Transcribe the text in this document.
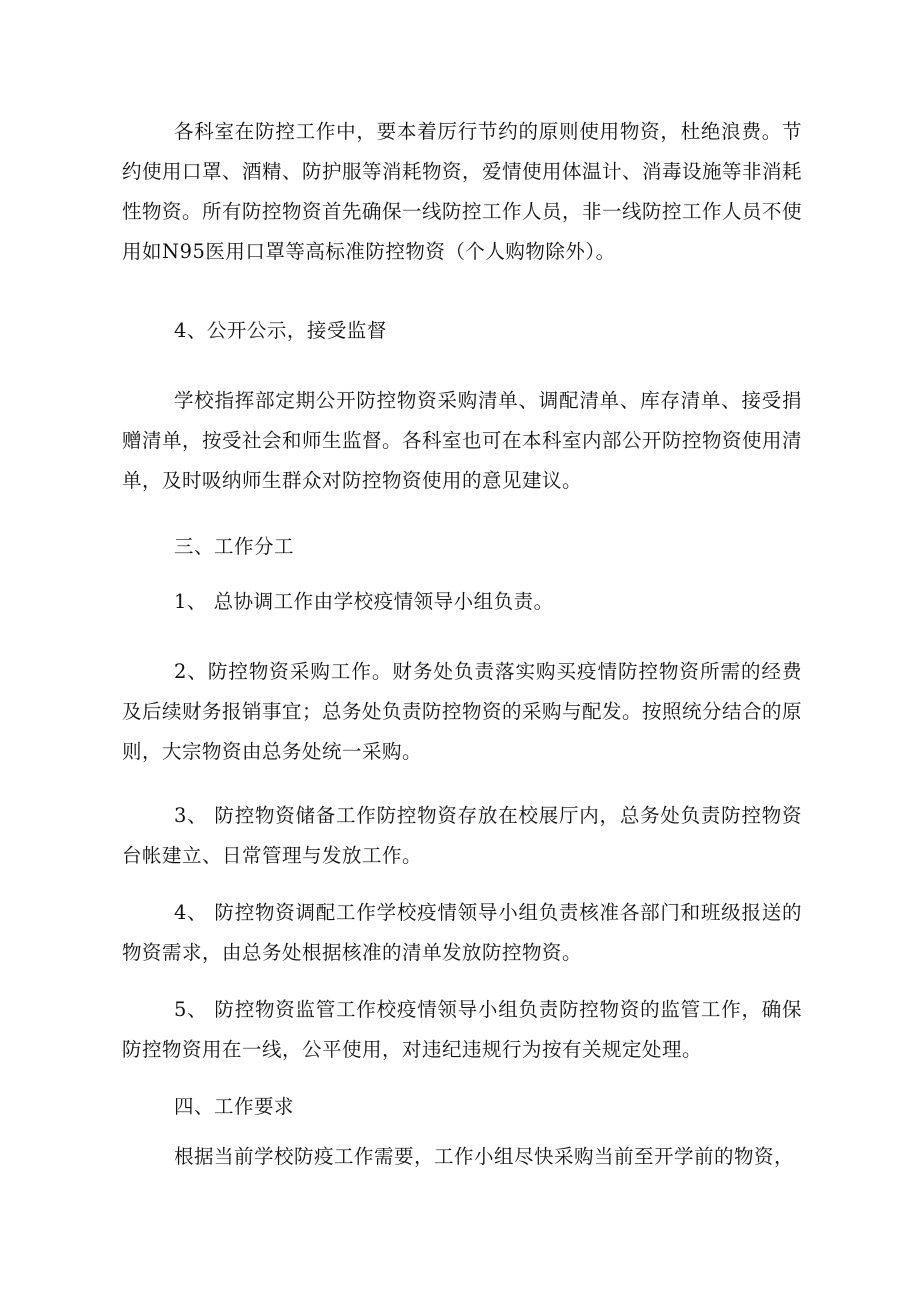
各科室在防控工作中，要本着厉行节约的原则使用物资，杜绝浪费。节约使用口罩、酒精、防护服等消耗物资，爱情使用体温计、消毒设施等非消耗性物资。所有防控物资首先确保一线防控工作人员，非一线防控工作人员不使用如N95医用口罩等高标准防控物资（个人购物除外）。

4、公开公示，接受监督

学校指挥部定期公开防控物资采购清单、调配清单、库存清单、接受捐赠清单，按受社会和师生监督。各科室也可在本科室内部公开防控物资使用清单，及时吸纳师生群众对防控物资使用的意见建议。

三、工作分工

1、 总协调工作由学校疫情领导小组负责。

2、防控物资采购工作。财务处负责落实购买疫情防控物资所需的经费及后续财务报销事宜；总务处负责防控物资的采购与配发。按照统分结合的原则，大宗物资由总务处统一采购。

3、 防控物资储备工作防控物资存放在校展厅内，总务处负责防控物资台帐建立、日常管理与发放工作。

4、 防控物资调配工作学校疫情领导小组负责核准各部门和班级报送的物资需求，由总务处根据核准的清单发放防控物资。

5、 防控物资监管工作校疫情领导小组负责防控物资的监管工作，确保防控物资用在一线，公平使用，对违纪违规行为按有关规定处理。

四、工作要求

根据当前学校防疫工作需要，工作小组尽快采购当前至开学前的物资，
